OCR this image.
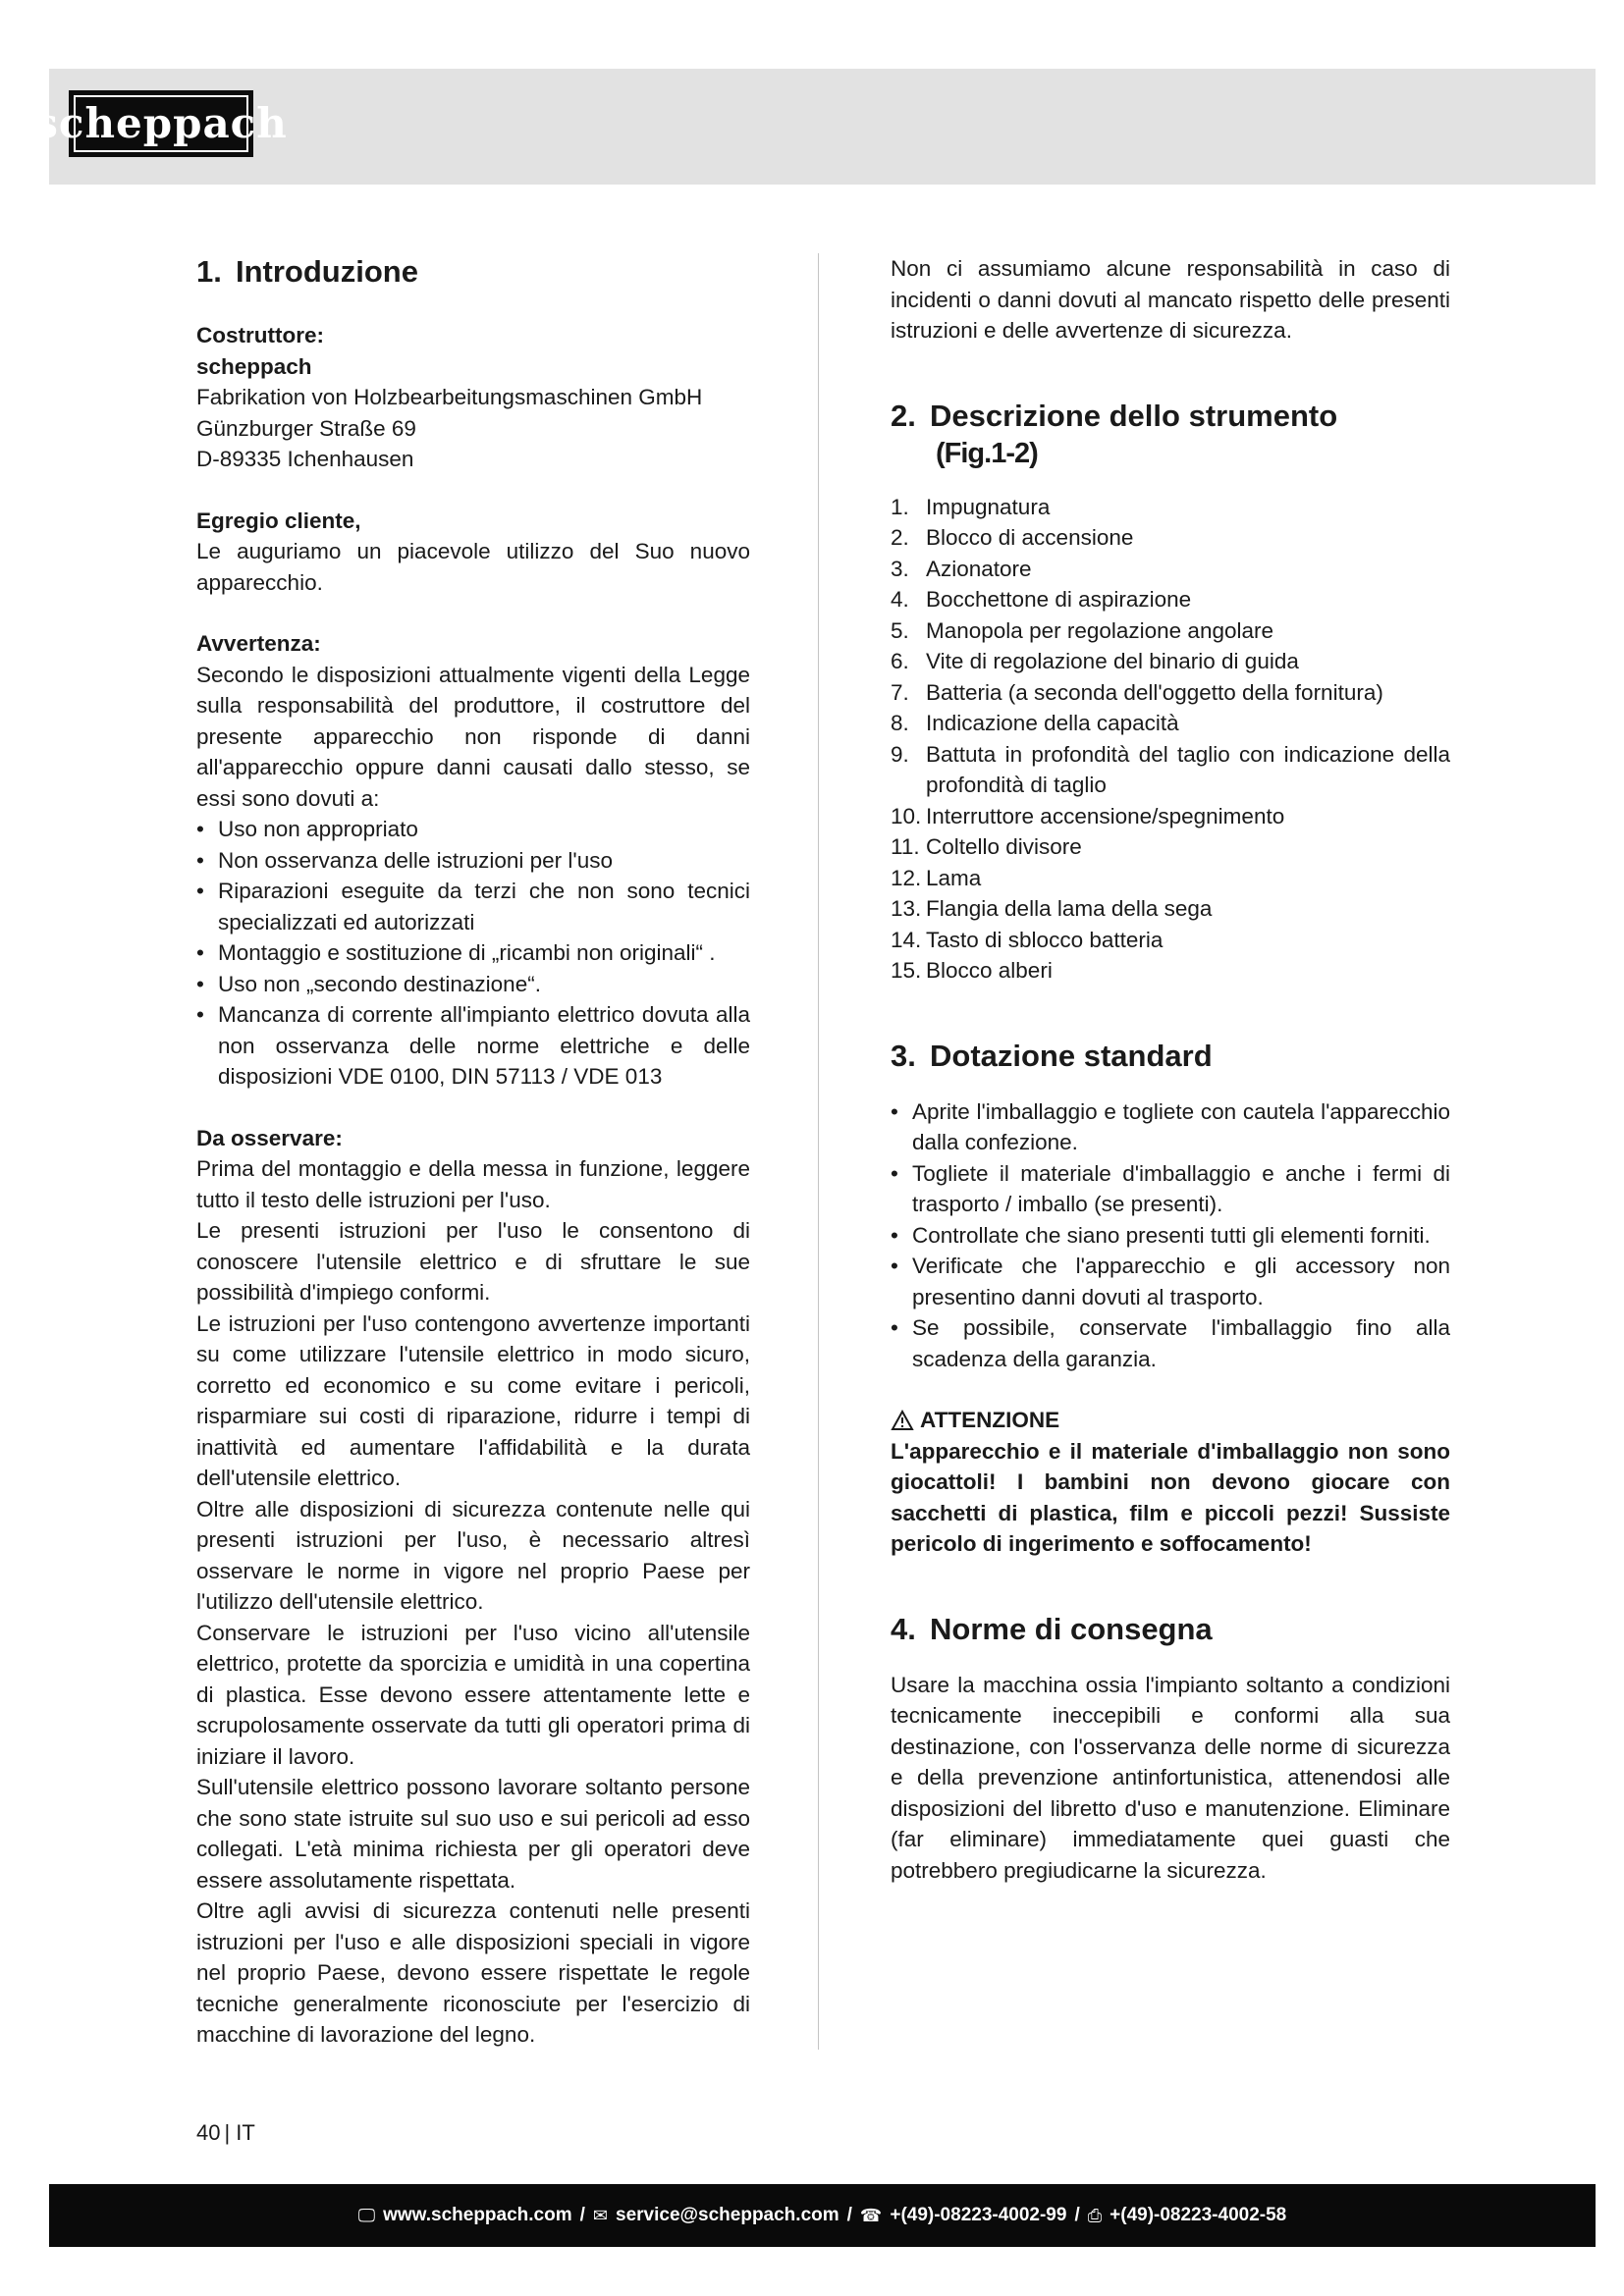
scheppach
1. Introduzione
Costruttore:
scheppach
Fabrikation von Holzbearbeitungsmaschinen GmbH
Günzburger Straße 69
D-89335 Ichenhausen
Egregio cliente,

Le auguriamo un piacevole utilizzo del Suo nuovo apparecchio.

Avvertenza:

Secondo le disposizioni attualmente vigenti della Legge sulla responsabilità del produttore, il costruttore del presente apparecchio non risponde di danni all'apparecchio oppure danni causati dallo stesso, se essi sono dovuti a:

• Uso non appropriato
• Non osservanza delle istruzioni per l'uso
• Riparazioni eseguite da terzi che non sono tecnici specializzati ed autorizzati
• Montaggio e sostituzione di „ricambi non originali“ .
• Uso non „secondo destinazione“.
• Mancanza di corrente all'impianto elettrico dovuta alla non osservanza delle norme elettriche e delle disposizioni VDE 0100, DIN 57113 / VDE 013
Da osservare:

Prima del montaggio e della messa in funzione, leggere tutto il testo delle istruzioni per l'uso.

Le presenti istruzioni per l'uso le consentono di conoscere l'utensile elettrico e di sfruttare le sue possibilità d'impiego conformi.

Le istruzioni per l'uso contengono avvertenze importanti su come utilizzare l'utensile elettrico in modo sicuro, corretto ed economico e su come evitare i pericoli, risparmiare sui costi di riparazione, ridurre i tempi di inattività ed aumentare l'affidabilità e la durata dell'utensile elettrico.

Oltre alle disposizioni di sicurezza contenute nelle qui presenti istruzioni per l'uso, è necessario altresì osservare le norme in vigore nel proprio Paese per l'utilizzo dell'utensile elettrico.

Conservare le istruzioni per l'uso vicino all'utensile elettrico, protette da sporcizia e umidità in una copertina di plastica. Esse devono essere attentamente lette e scrupolosamente osservate da tutti gli operatori prima di iniziare il lavoro.

Sull'utensile elettrico possono lavorare soltanto persone che sono state istruite sul suo uso e sui pericoli ad esso collegati. L'età minima richiesta per gli operatori deve essere assolutamente rispettata.

Oltre agli avvisi di sicurezza contenuti nelle presenti istruzioni per l'uso e alle disposizioni speciali in vigore nel proprio Paese, devono essere rispettate le regole tecniche generalmente riconosciute per l'esercizio di macchine di lavorazione del legno.

Non ci assumiamo alcune responsabilità in caso di incidenti o danni dovuti al mancato rispetto delle presenti istruzioni e delle avvertenze di sicurezza.

2. Descrizione dello strumento
(Fig.1-2)
1. Impugnatura
2. Blocco di accensione
3. Azionatore
4. Bocchettone di aspirazione
5. Manopola per regolazione angolare
6. Vite di regolazione del binario di guida
7. Batteria (a seconda dell'oggetto della fornitura)
8. Indicazione della capacità
9. Battuta in profondità del taglio con indicazione della profondità di taglio
10. Interruttore accensione/spegnimento
11. Coltello divisore
12. Lama
13. Flangia della lama della sega
14. Tasto di sblocco batteria
15. Blocco alberi
3. Dotazione standard
• Aprite l'imballaggio e togliete con cautela l'apparecchio dalla confezione.
• Togliete il materiale d'imballaggio e anche i fermi di trasporto / imballo (se presenti).
• Controllate che siano presenti tutti gli elementi forniti.
• Verificate che l'apparecchio e gli accessory non presentino danni dovuti al trasporto.
• Se possibile, conservate l'imballaggio fino alla scadenza della garanzia.
ATTENZIONE

L'apparecchio e il materiale d'imballaggio non sono giocattoli! I bambini non devono giocare con sacchetti di plastica, film e piccoli pezzi! Sussiste pericolo di ingerimento e soffocamento!

4. Norme di consegna

Usare la macchina ossia l'impianto soltanto a condizioni tecnicamente ineccepibili e conformi alla sua destinazione, con l'osservanza delle norme di sicurezza e della prevenzione antinfortunistica, attenendosi alle disposizioni del libretto d'uso e manutenzione. Eliminare (far eliminare) immediatamente quei guasti che potrebbero pregiudicarne la sicurezza.

40 | IT
🖵 www.scheppach.com / ✉ service@scheppach.com / ☎ +(49)-08223-4002-99 / ⎙ +(49)-08223-4002-58
